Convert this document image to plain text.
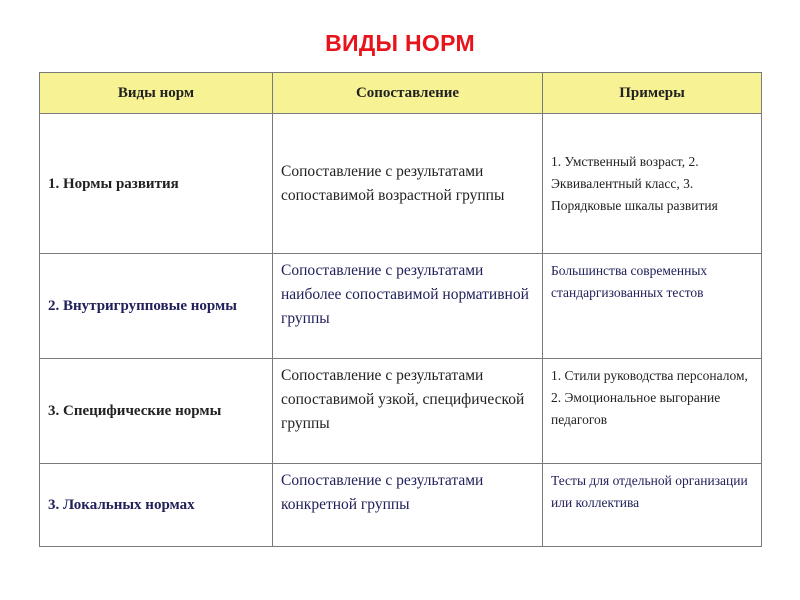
ВИДЫ НОРМ
Виды норм	Сопоставление	Примеры
1. Нормы развития	Сопоставление с результатами сопоставимой возрастной группы	1. Умственный возраст, 2. Эквивалентный класс, 3. Порядковые шкалы развития
2. Внутригрупповые нормы	Сопоставление с результатами наиболее сопоставимой нормативной группы	Большинства современных стандаргизованных тестов
3. Специфические нормы	Сопоставление с результатами сопоставимой узкой, специфической группы	1. Стили руководства персоналом, 2. Эмоциональное выгорание педагогов
3. Локальных нормах	Сопоставление с результатами конкретной группы	Тесты для отдельной организации или коллектива
